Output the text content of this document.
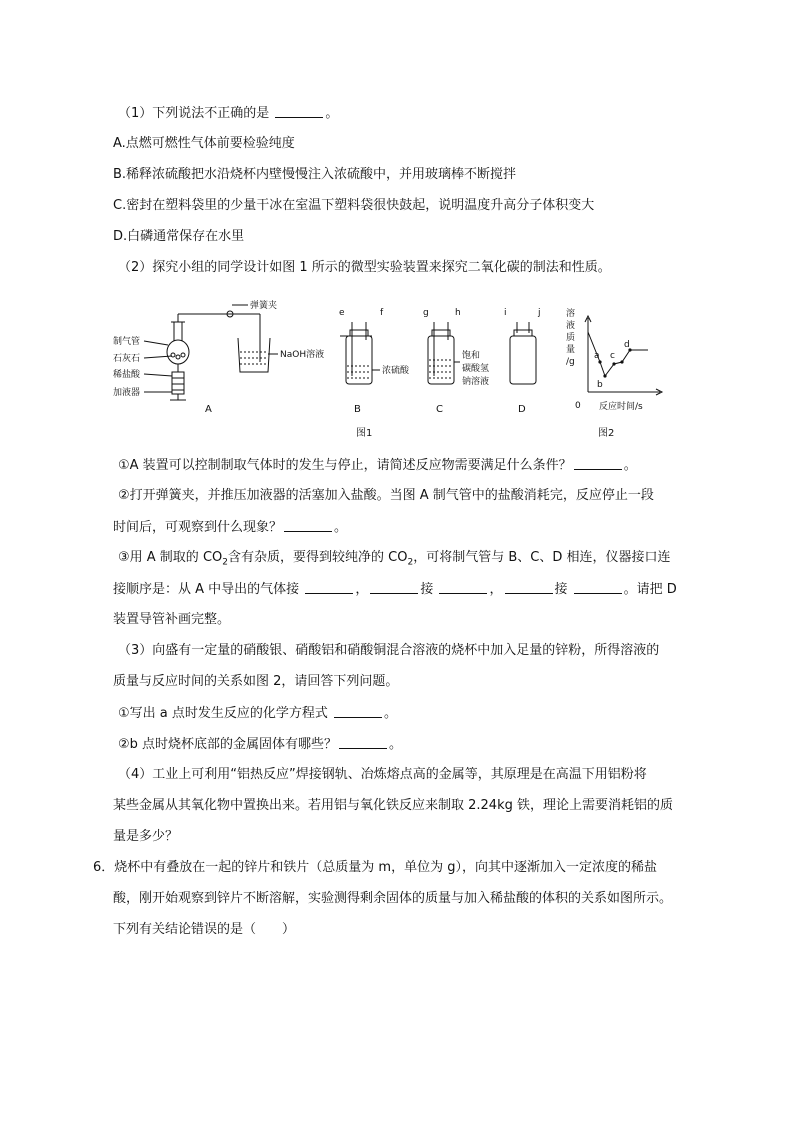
（1）下列说法不正确的是	。
A.点燃可燃性气体前要检验纯度
B.稀释浓硫酸把水沿烧杯内壁慢慢注入浓硫酸中，并用玻璃棒不断搅拌
C.密封在塑料袋里的少量干冰在室温下塑料袋很快鼓起，说明温度升高分子体积变大
D.白磷通常保存在水里
（2）探究小组的同学设计如图 1 所示的微型实验装置来探究二氧化碳的制法和性质。
弹簧夹
制气管
石灰石
稀盐酸
加液器
NaOH溶液
A
e	f
浓硫酸
B
g	h
饱和
碳酸氢
钠溶液
C
i	j
D
溶
液
质
量
/g
0 反应时间/s
a
b
c
d
图1	图2
①A 装置可以控制制取气体时的发生与停止，请简述反应物需要满足什么条件？	。
②打开弹簧夹，并推压加液器的活塞加入盐酸。当图 A 制气管中的盐酸消耗完，反应停止一段
时间后，可观察到什么现象？	。
③用 A 制取的 $CO_2$含有杂质，要得到较纯净的 $CO_2$，可将制气管与 B、C、D 相连，仪器接口连
接顺序是：从 A 中导出的气体接	，	接	，	接	。请把 D
装置导管补画完整。
（3）向盛有一定量的硝酸银、硝酸铝和硝酸铜混合溶液的烧杯中加入足量的锌粉，所得溶液的
质量与反应时间的关系如图 2，请回答下列问题。
①写出 a 点时发生反应的化学方程式	。
②b 点时烧杯底部的金属固体有哪些？	。
（4）工业上可利用“铝热反应”焊接钢轨、冶炼熔点高的金属等，其原理是在高温下用铝粉将
某些金属从其氧化物中置换出来。若用铝与氧化铁反应来制取 2.24kg 铁，理论上需要消耗铝的质
量是多少？
6．烧杯中有叠放在一起的锌片和铁片（总质量为 m，单位为 g），向其中逐渐加入一定浓度的稀盐
酸，刚开始观察到锌片不断溶解，实验测得剩余固体的质量与加入稀盐酸的体积的关系如图所示。
下列有关结论错误的是（　　）
